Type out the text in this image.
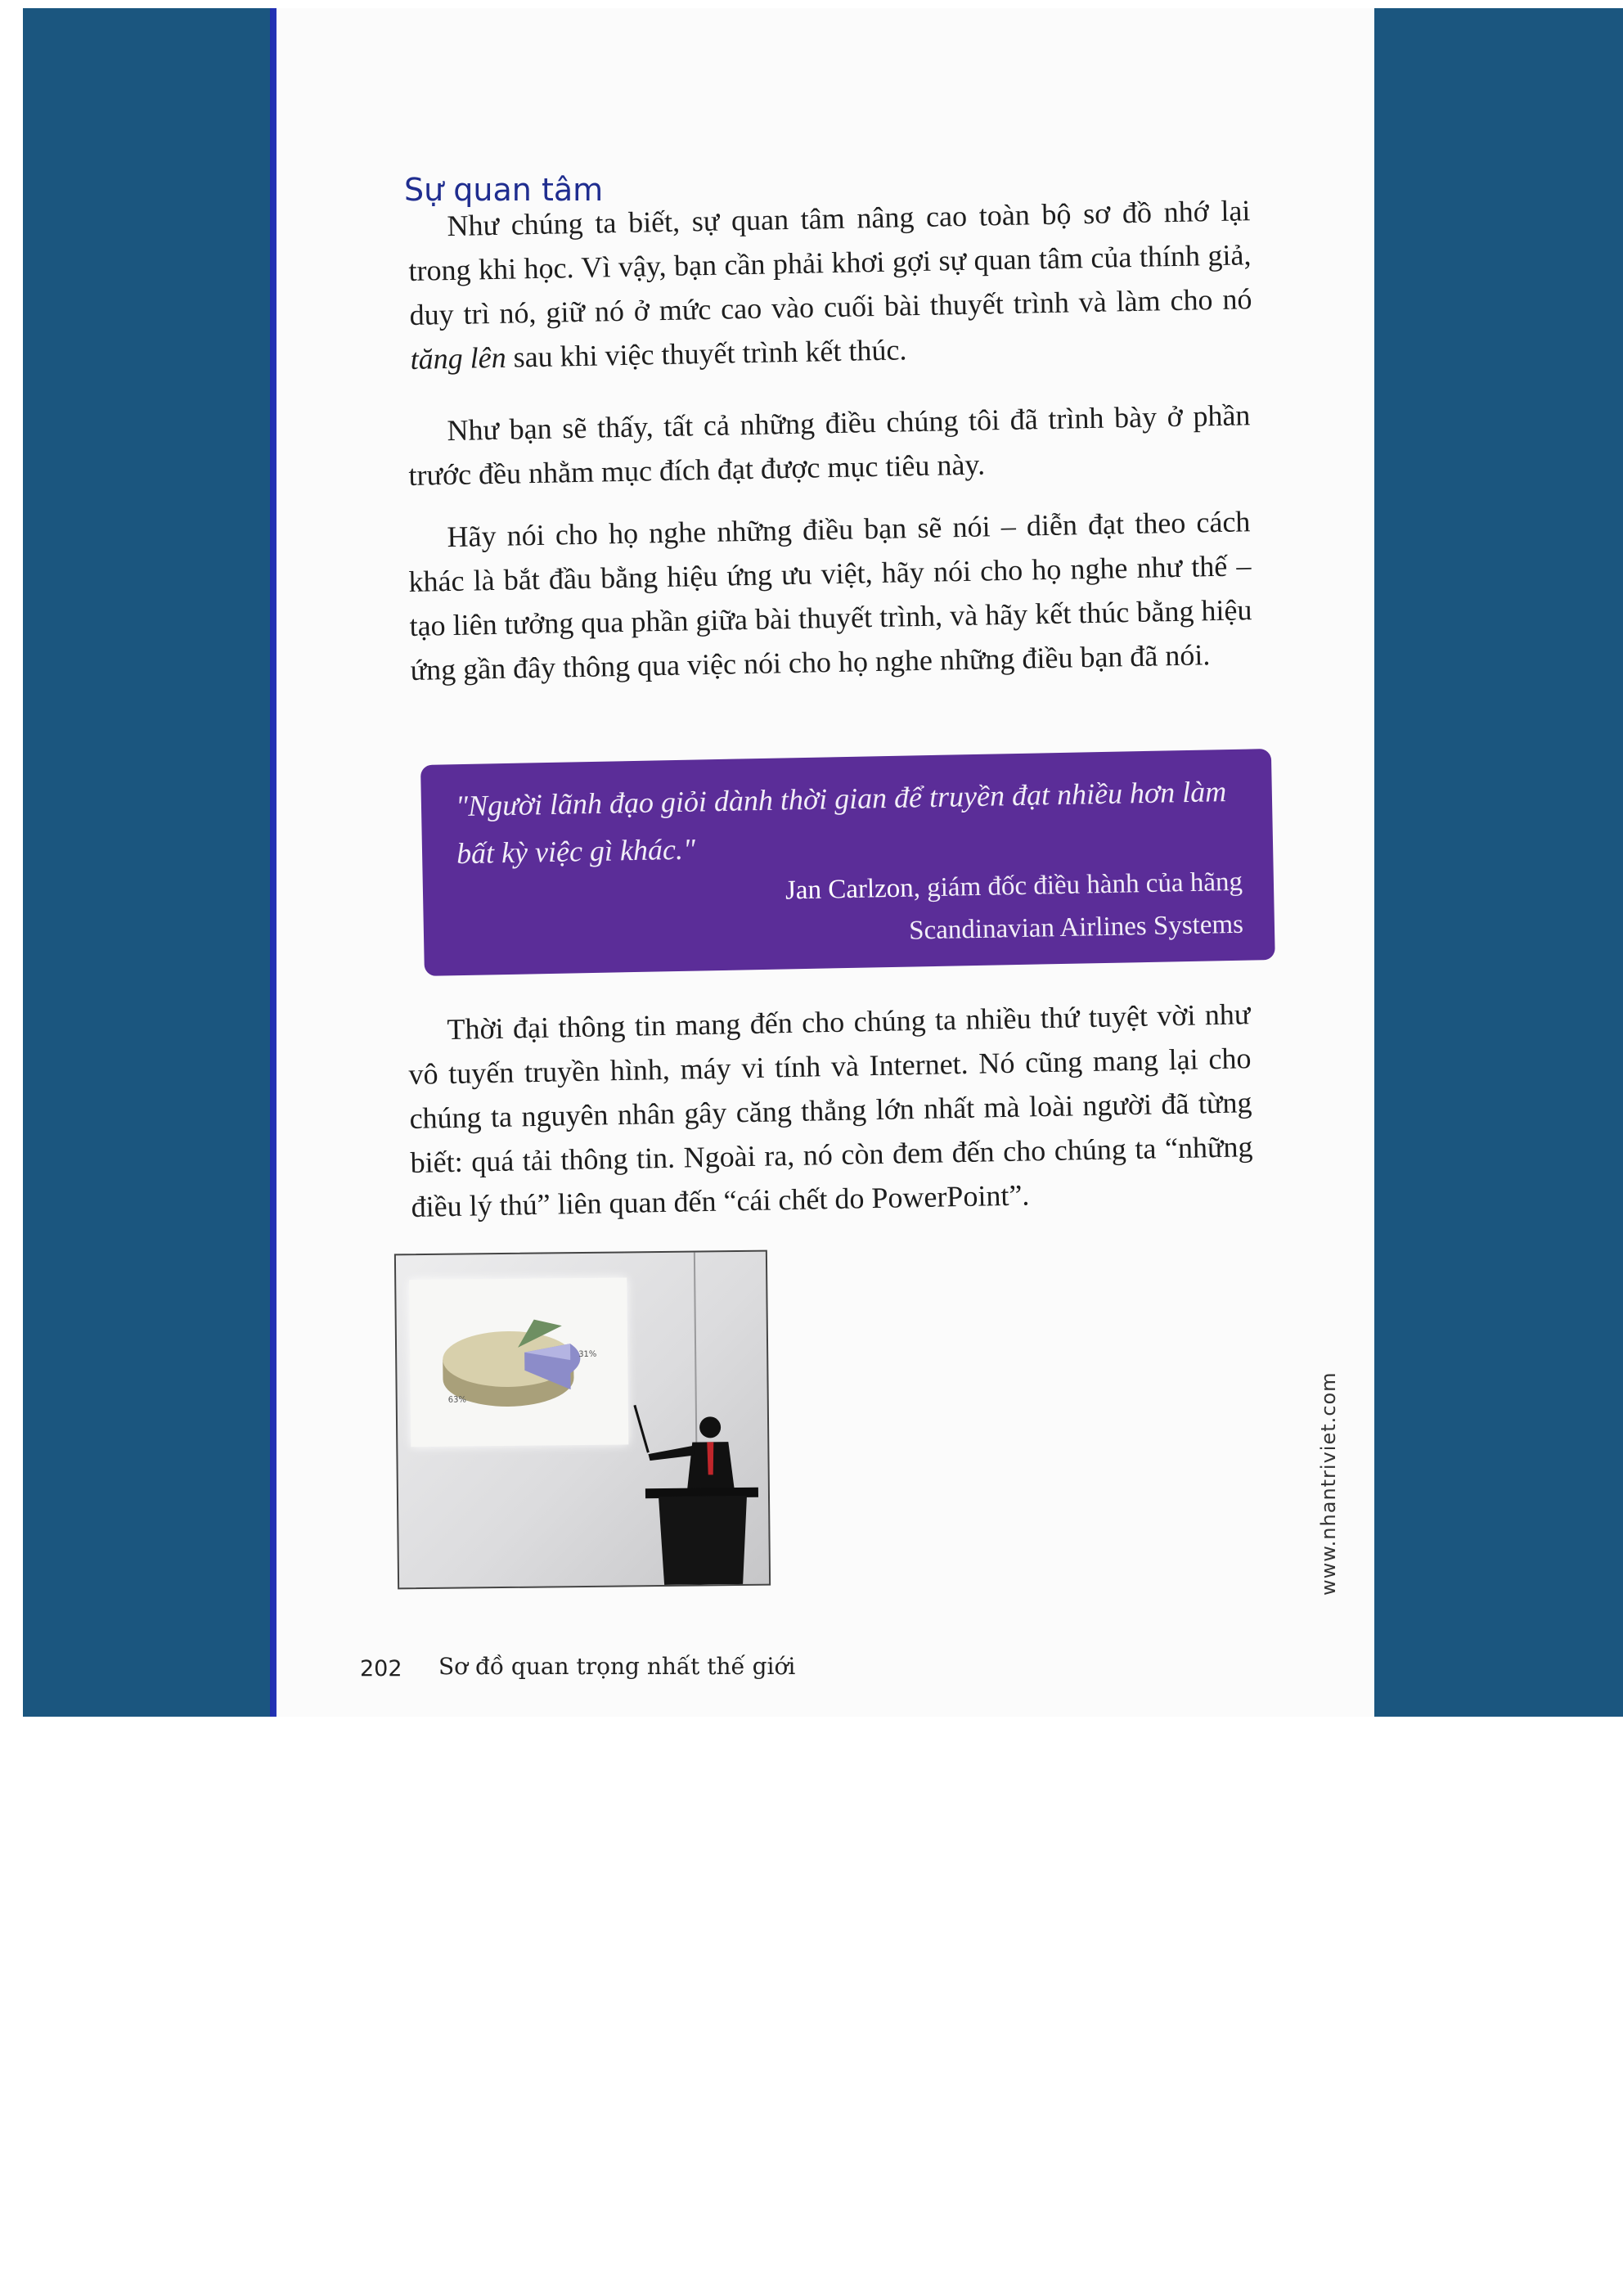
Sự quan tâm

Như chúng ta biết, sự quan tâm nâng cao toàn bộ sơ đồ nhớ lại trong khi học. Vì vậy, bạn cần phải khơi gợi sự quan tâm của thính giả, duy trì nó, giữ nó ở mức cao vào cuối bài thuyết trình và làm cho nó tăng lên sau khi việc thuyết trình kết thúc.

Như bạn sẽ thấy, tất cả những điều chúng tôi đã trình bày ở phần trước đều nhằm mục đích đạt được mục tiêu này.

Hãy nói cho họ nghe những điều bạn sẽ nói – diễn đạt theo cách khác là bắt đầu bằng hiệu ứng ưu việt, hãy nói cho họ nghe như thế – tạo liên tưởng qua phần giữa bài thuyết trình, và hãy kết thúc bằng hiệu ứng gần đây thông qua việc nói cho họ nghe những điều bạn đã nói.

"Người lãnh đạo giỏi dành thời gian để truyền đạt nhiều hơn làm bất kỳ việc gì khác."
Jan Carlzon, giám đốc điều hành của hãng
Scandinavian Airlines Systems

Thời đại thông tin mang đến cho chúng ta nhiều thứ tuyệt vời như vô tuyến truyền hình, máy vi tính và Internet. Nó cũng mang lại cho chúng ta nguyên nhân gây căng thẳng lớn nhất mà loài người đã từng biết: quá tải thông tin. Ngoài ra, nó còn đem đến cho chúng ta “những điều lý thú” liên quan đến “cái chết do PowerPoint”.

31%
63%	www.nhantriviet.com
202 Sơ đồ quan trọng nhất thế giới
